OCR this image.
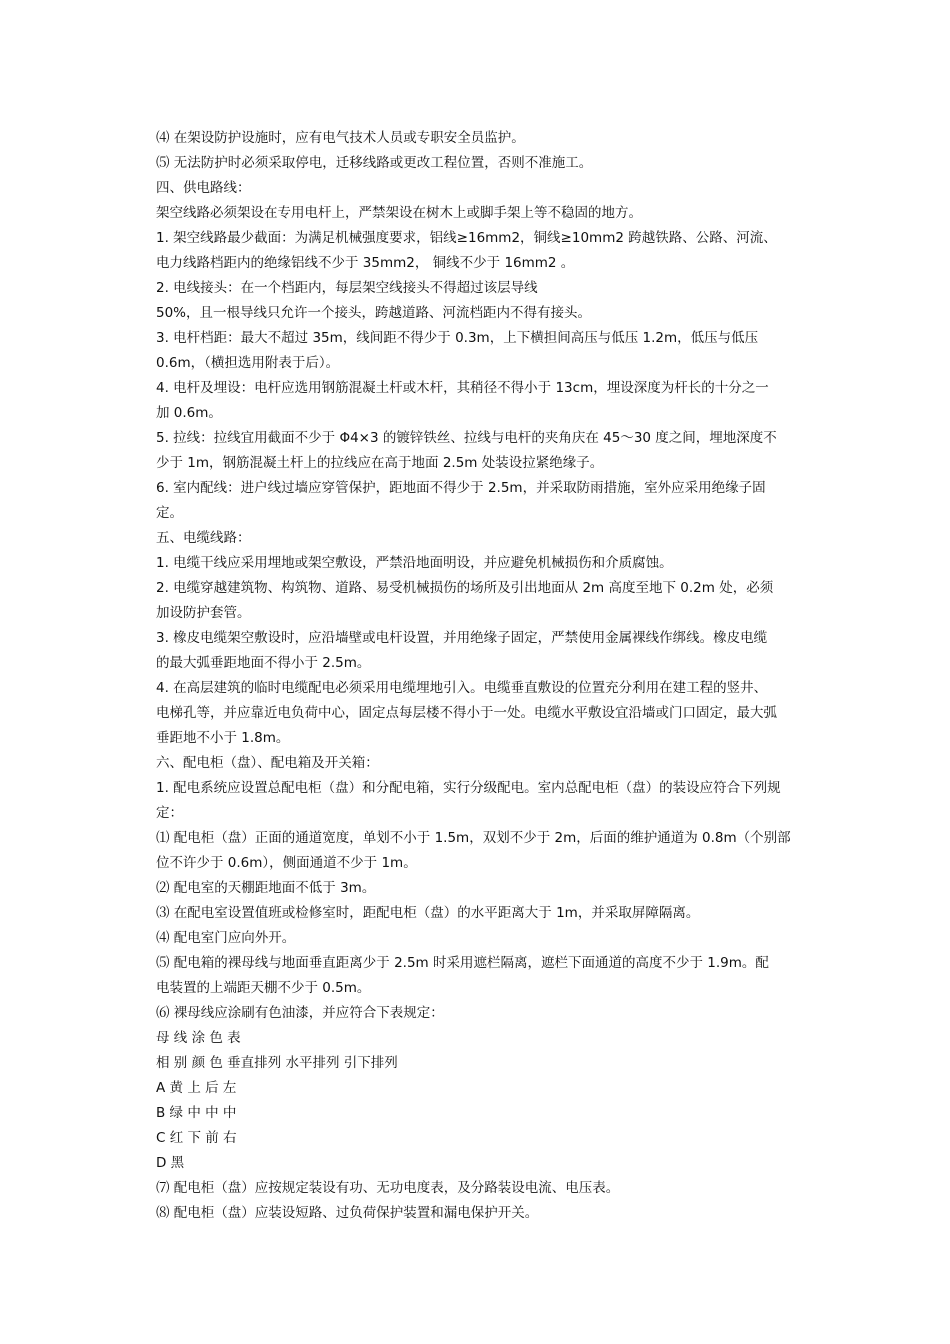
⑷ 在架设防护设施时，应有电气技术人员或专职安全员监护。
⑸ 无法防护时必须采取停电，迁移线路或更改工程位置，否则不准施工。
四、供电路线：
架空线路必须架设在专用电杆上，严禁架设在树木上或脚手架上等不稳固的地方。
1. 架空线路最少截面：为满足机械强度要求，铝线≥16mm2，铜线≥10mm2 跨越铁路、公路、河流、
电力线路档距内的绝缘铝线不少于 35mm2， 铜线不少于 16mm2 。
2. 电线接头：在一个档距内，每层架空线接头不得超过该层导线
50%，且一根导线只允许一个接头，跨越道路、河流档距内不得有接头。
3. 电杆档距：最大不超过 35m，线间距不得少于 0.3m，上下横担间高压与低压 1.2m，低压与低压
0.6m，（横担选用附表于后）。
4. 电杆及埋设：电杆应选用钢筋混凝土杆或木杆，其稍径不得小于 13cm，埋设深度为杆长的十分之一
加 0.6m。
5. 拉线：拉线宜用截面不少于 Φ4×3 的镀锌铁丝、拉线与电杆的夹角庆在 45～30 度之间，埋地深度不
少于 1m，钢筋混凝土杆上的拉线应在高于地面 2.5m 处装设拉紧绝缘子。
6. 室内配线：进户线过墙应穿管保护，距地面不得少于 2.5m，并采取防雨措施，室外应采用绝缘子固
定。
五、电缆线路：
1. 电缆干线应采用埋地或架空敷设，严禁沿地面明设，并应避免机械损伤和介质腐蚀。
2. 电缆穿越建筑物、构筑物、道路、易受机械损伤的场所及引出地面从 2m 高度至地下 0.2m 处，必须
加设防护套管。
3. 橡皮电缆架空敷设时，应沿墙壁或电杆设置，并用绝缘子固定，严禁使用金属裸线作绑线。橡皮电缆
的最大弧垂距地面不得小于 2.5m。
4. 在高层建筑的临时电缆配电必须采用电缆埋地引入。电缆垂直敷设的位置充分利用在建工程的竖井、
电梯孔等，并应靠近电负荷中心，固定点每层楼不得小于一处。电缆水平敷设宜沿墙或门口固定，最大弧
垂距地不小于 1.8m。
六、配电柜（盘）、配电箱及开关箱：
1. 配电系统应设置总配电柜（盘）和分配电箱，实行分级配电。室内总配电柜（盘）的装设应符合下列规
定：
⑴ 配电柜（盘）正面的通道宽度，单划不小于 1.5m，双划不少于 2m，后面的维护通道为 0.8m（个别部
位不许少于 0.6m），侧面通道不少于 1m。
⑵ 配电室的天棚距地面不低于 3m。
⑶ 在配电室设置值班或检修室时，距配电柜（盘）的水平距离大于 1m，并采取屏障隔离。
⑷ 配电室门应向外开。
⑸ 配电箱的裸母线与地面垂直距离少于 2.5m 时采用遮栏隔离，遮栏下面通道的高度不少于 1.9m。配
电装置的上端距天棚不少于 0.5m。
⑹ 裸母线应涂刷有色油漆，并应符合下表规定：
母 线 涂 色 表
相 别 颜 色 垂直排列 水平排列 引下排列
A 黄 上 后 左
B 绿 中 中 中
C 红 下 前 右
D 黑
⑺ 配电柜（盘）应按规定装设有功、无功电度表，及分路装设电流、电压表。
⑻ 配电柜（盘）应装设短路、过负荷保护装置和漏电保护开关。
